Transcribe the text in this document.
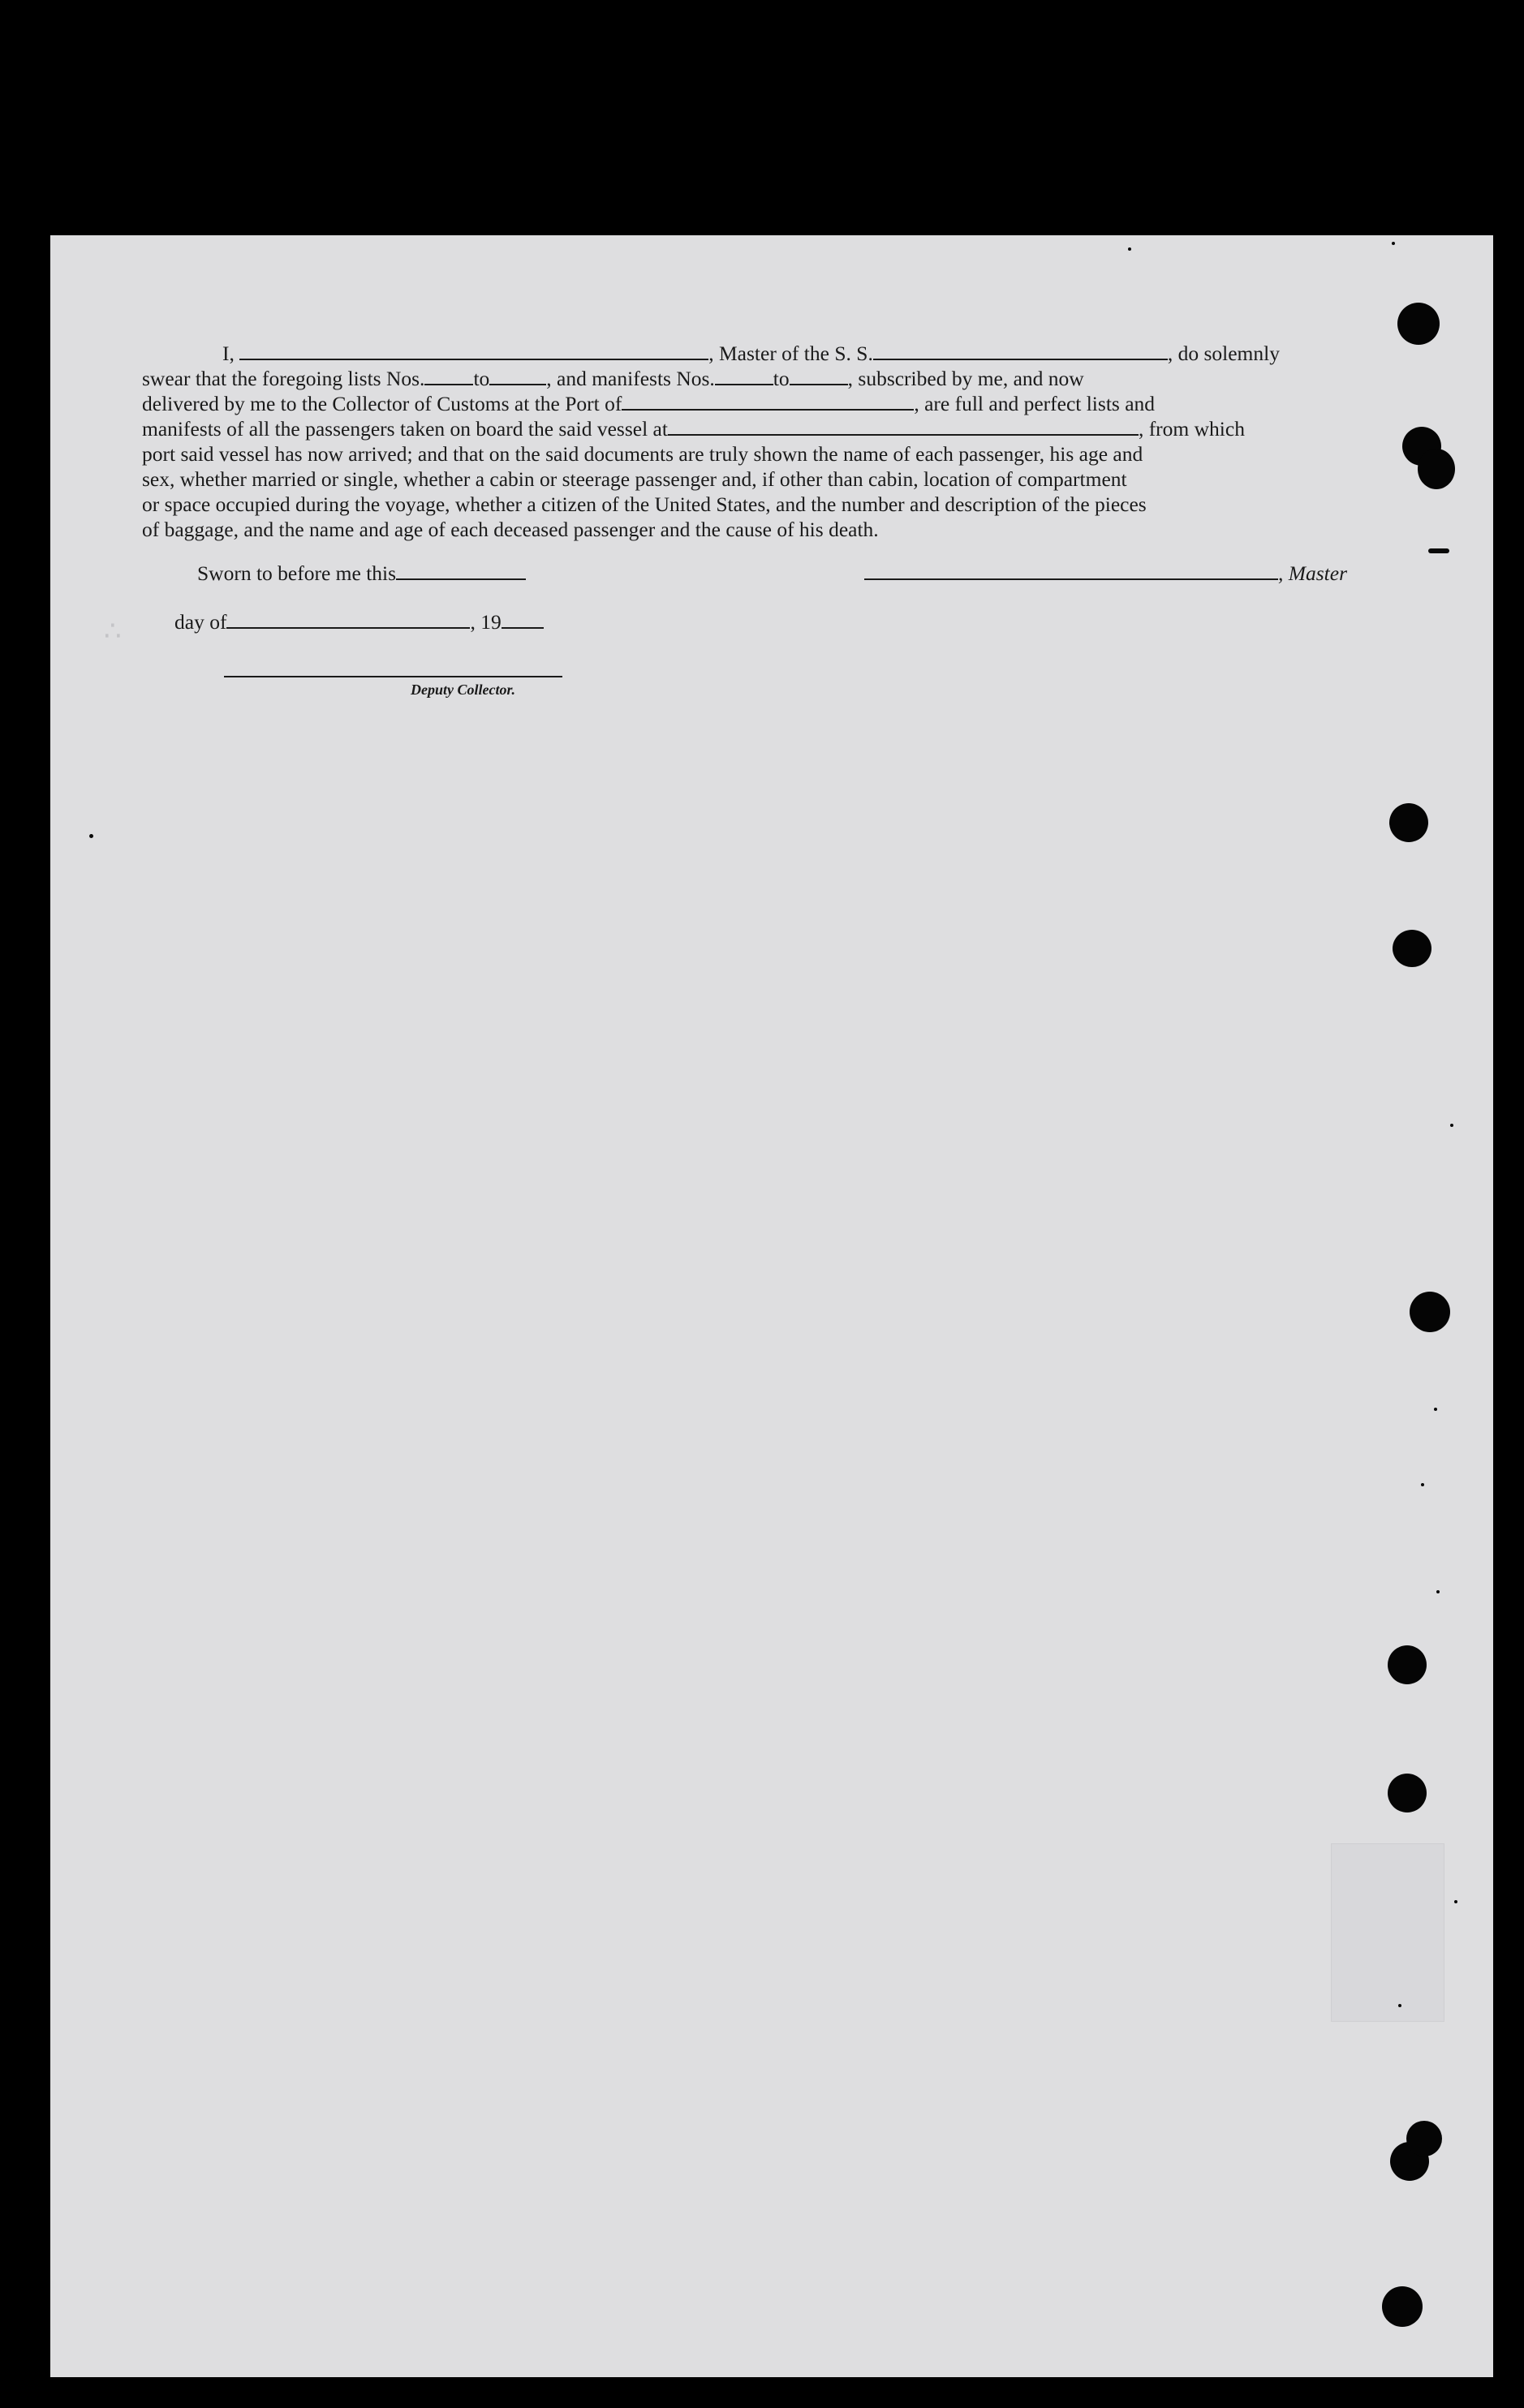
∴

I,	, Master of the S. S.	, do solemnly

swear that the foregoing lists Nos. to	, and manifests Nos.	to	, subscribed by me, and now

delivered by me to the Collector of Customs at the Port of	, are full and perfect lists and

manifests of all the passengers taken on board the said vessel at	, from which

port said vessel has now arrived; and that on the said documents are truly shown the name of each passenger, his age and

sex, whether married or single, whether a cabin or steerage passenger and, if other than cabin, location of compartment

or space occupied during the voyage, whether a citizen of the United States, and the number and description of the pieces

of baggage, and the name and age of each deceased passenger and the cause of his death.

Sworn to before me this	, Master
day of	, 19
Deputy Collector.
